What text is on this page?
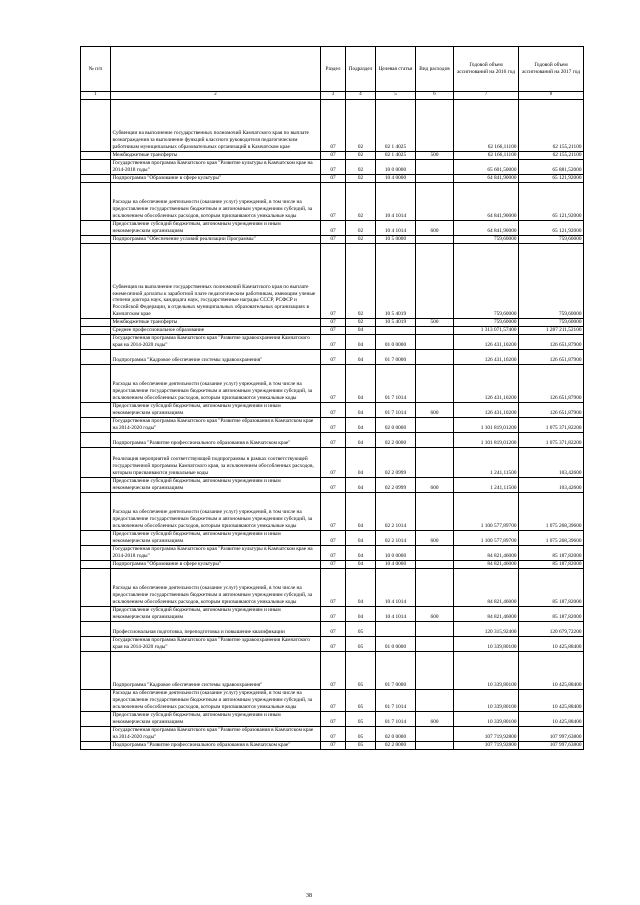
№ п/п		Раздел	Подраздел	Целевая статья	Вид расходов	Годовой объем ассигнований на 2016 год	Годовой объем ассигнований на 2017 год
1	2	3	4	5	6	7	8
	Субвенции на выполнение государственных полномочий Камчатского края по выплате вознаграждения за выполнение функций классного руководителя педагогическим работникам муниципальных образовательных организаций в Камчатском крае	07	02	02 1 4025		62 166,11100	62 155,21100
	Межбюджетные трансферты	07	02	02 1 4025	500	62 166,11100	62 155,21100
	Государственная программа Камчатского края "Развитие культуры в Камчатском крае на 2014-2018 годы"	07	02	10 0 0000		65 601,50000	65 881,52000
	Подпрограмма "Образование в сфере культуры"	07	02	10 4 0000		64 841,90000	65 121,92000
	Расходы на обеспечение деятельности (оказание услуг) учреждений, в том числе на предоставление государственным бюджетным и автономным учреждениям субсидий, за исключением обособленных расходов, которым присваиваются уникальные коды	07	02	10 4 1014		64 841,90000	65 121,92000
	Предоставление субсидий бюджетным, автономным учреждениям и иным некоммерческим организациям	07	02	10 4 1014	600	64 841,90000	65 121,92000
	Подпрограмма "Обеспечение условий реализации Программы"	07	02	10 5 0000		759,60000	759,60000
	Субвенция на выполнение государственных полномочий Камчатского края по выплате ежемесячной доплаты к заработной плате педагогическим работникам, имеющим ученые степени доктора наук, кандидата наук, государственные награды СССР, РСФСР и Российской Федерации, в отдельных муниципальных образовательных организациях в Камчатском крае	07	02	10 5 4019		759,60000	759,60000
	Межбюджетные трансферты	07	02	10 5 4019	500	759,60000	759,60000
	Среднее профессиональное образование	07	04			1 313 071,57400	1 287 211,52100
	Государственная программа Камчатского края "Развитие здравоохранения Камчатского края на 2014-2020 годы"	07	04	01 0 0000		126 431,10200	126 651,87900
	Подпрограмма "Кадровое обеспечение системы здравоохранения"	07	04	01 7 0000		126 431,10200	126 651,87900
	Расходы на обеспечение деятельности (оказание услуг) учреждений, в том числе на предоставление государственным бюджетным и автономным учреждениям субсидий, за исключением обособленных расходов, которым присваиваются уникальные коды	07	04	01 7 1014		126 431,10200	126 651,87900
	Предоставление субсидий бюджетным, автономным учреждениям и иным некоммерческим организациям	07	04	01 7 1014	600	126 431,10200	126 651,87900
	Государственная программа Камчатского края "Развитие образования в Камчатском крае на 2014-2020 годы"	07	04	02 0 0000		1 101 819,01200	1 075 371,82200
	Подпрограмма "Развитие профессионального образования в Камчатском крае"	07	04	02 2 0000		1 101 819,01200	1 075 371,82200
	Реализация мероприятий соответствующей подпрограммы в рамках соответствующей государственной программы Камчатского края, за исключением обособленных расходов, которым присваиваются уникальные коды	07	04	02 2 0999		1 241,11500	103,42600
	Предоставление субсидий бюджетным, автономным учреждениям и иным некоммерческим организациям	07	04	02 2 0999	600	1 241,11500	103,42600
	Расходы на обеспечение деятельности (оказание услуг) учреждений, в том числе на предоставление государственным бюджетным и автономным учреждениям субсидий, за исключением обособленных расходов, которым присваиваются уникальные коды	07	04	02 2 1014		1 100 577,89700	1 075 268,39600
	Предоставление субсидий бюджетным, автономным учреждениям и иным некоммерческим организациям	07	04	02 2 1014	600	1 100 577,89700	1 075 268,39600
	Государственная программа Камчатского края "Развитие культуры в Камчатском крае на 2014-2018 годы"	07	04	10 0 0000		84 821,46000	85 187,82000
	Подпрограмма "Образование в сфере культуры"	07	04	10 4 0000		84 821,46000	85 187,82000
	Расходы на обеспечение деятельности (оказание услуг) учреждений, в том числе на предоставление государственным бюджетным и автономным учреждениям субсидий, за исключением обособленных расходов, которым присваиваются уникальные коды	07	04	10 4 1014		84 821,46000	85 187,82000
	Предоставление субсидий бюджетным, автономным учреждениям и иным некоммерческим организациям	07	04	10 4 1014	600	84 821,46000	85 187,82000
	Профессиональная подготовка, переподготовка и повышение квалификации	07	05			120 315,92400	120 679,72200
	Государственная программа Камчатского края "Развитие здравоохранения Камчатского края на 2014-2020 годы"	07	05	01 0 0000		10 339,80100	10 425,88400
	Подпрограмма "Кадровое обеспечение системы здравоохранения"	07	05	01 7 0000		10 339,80100	10 425,88400
	Расходы на обеспечение деятельности (оказание услуг) учреждений, в том числе на предоставление государственным бюджетным и автономным учреждениям субсидий, за исключением обособленных расходов, которым присваиваются уникальные коды	07	05	01 7 1014		10 339,80100	10 425,88400
	Предоставление субсидий бюджетным, автономным учреждениям и иным некоммерческим организациям	07	05	01 7 1014	600	10 339,80100	10 425,88400
	Государственная программа Камчатского края "Развитие образования в Камчатском крае на 2014-2020 годы"	07	05	02 0 0000		107 719,92800	107 997,63800
	Подпрограмма "Развитие профессионального образования в Камчатском крае"	07	05	02 2 0000		107 719,92800	107 997,63800
38
